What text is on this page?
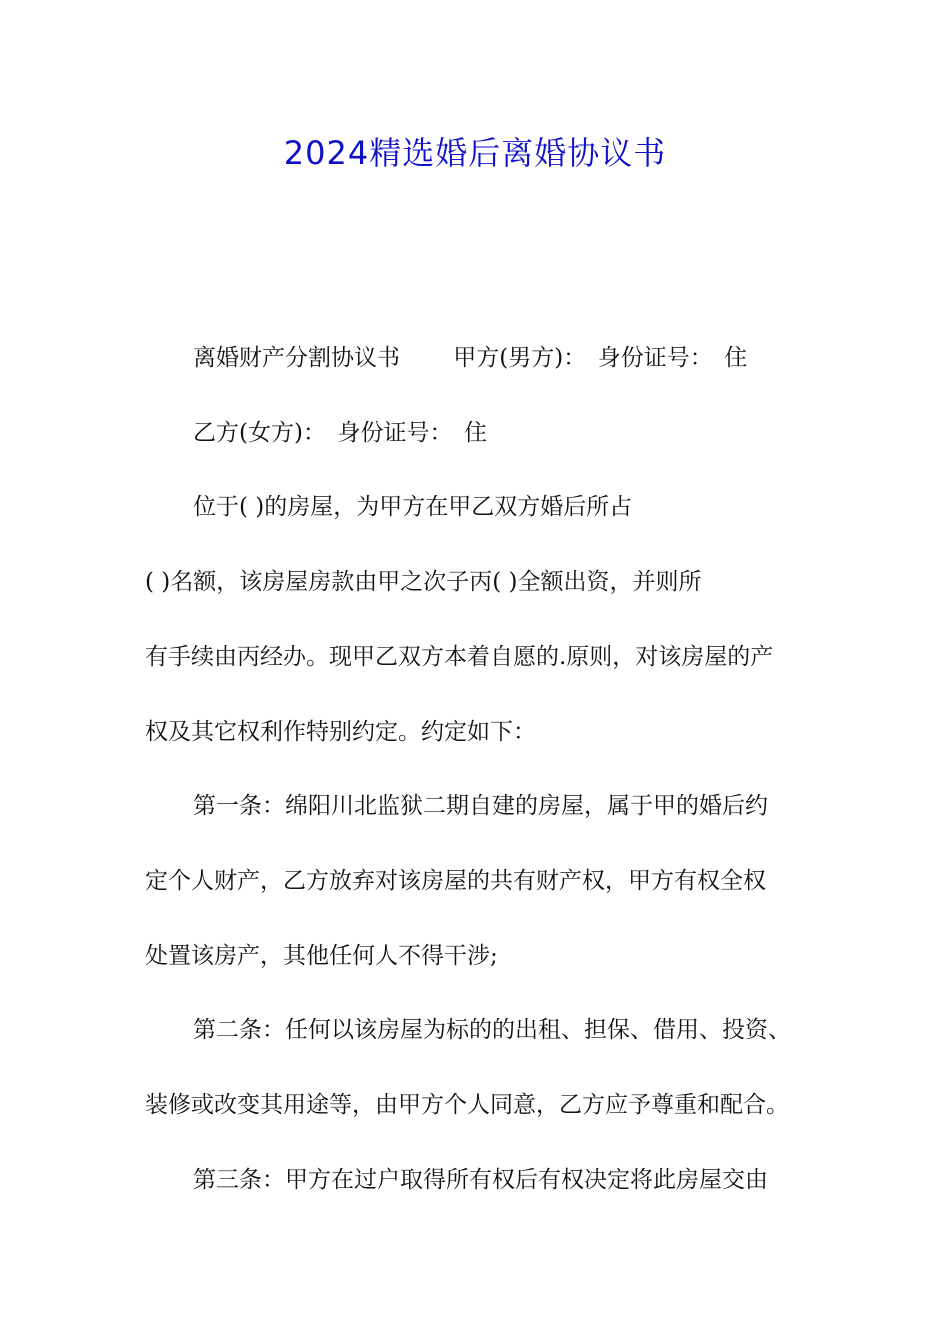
2024精选婚后离婚协议书
离婚财产分割协议书　　 甲方(男方)：　身份证号：　住
乙方(女方)：　身份证号：　住
位于( )的房屋，为甲方在甲乙双方婚后所占
( )名额，该房屋房款由甲之次子丙( )全额出资，并则所
有手续由丙经办。现甲乙双方本着自愿的.原则，对该房屋的产
权及其它权利作特别约定。约定如下：
第一条：绵阳川北监狱二期自建的房屋，属于甲的婚后约
定个人财产，乙方放弃对该房屋的共有财产权，甲方有权全权
处置该房产，其他任何人不得干涉;
第二条：任何以该房屋为标的的出租、担保、借用、投资、
装修或改变其用途等，由甲方个人同意，乙方应予尊重和配合。
第三条：甲方在过户取得所有权后有权决定将此房屋交由
